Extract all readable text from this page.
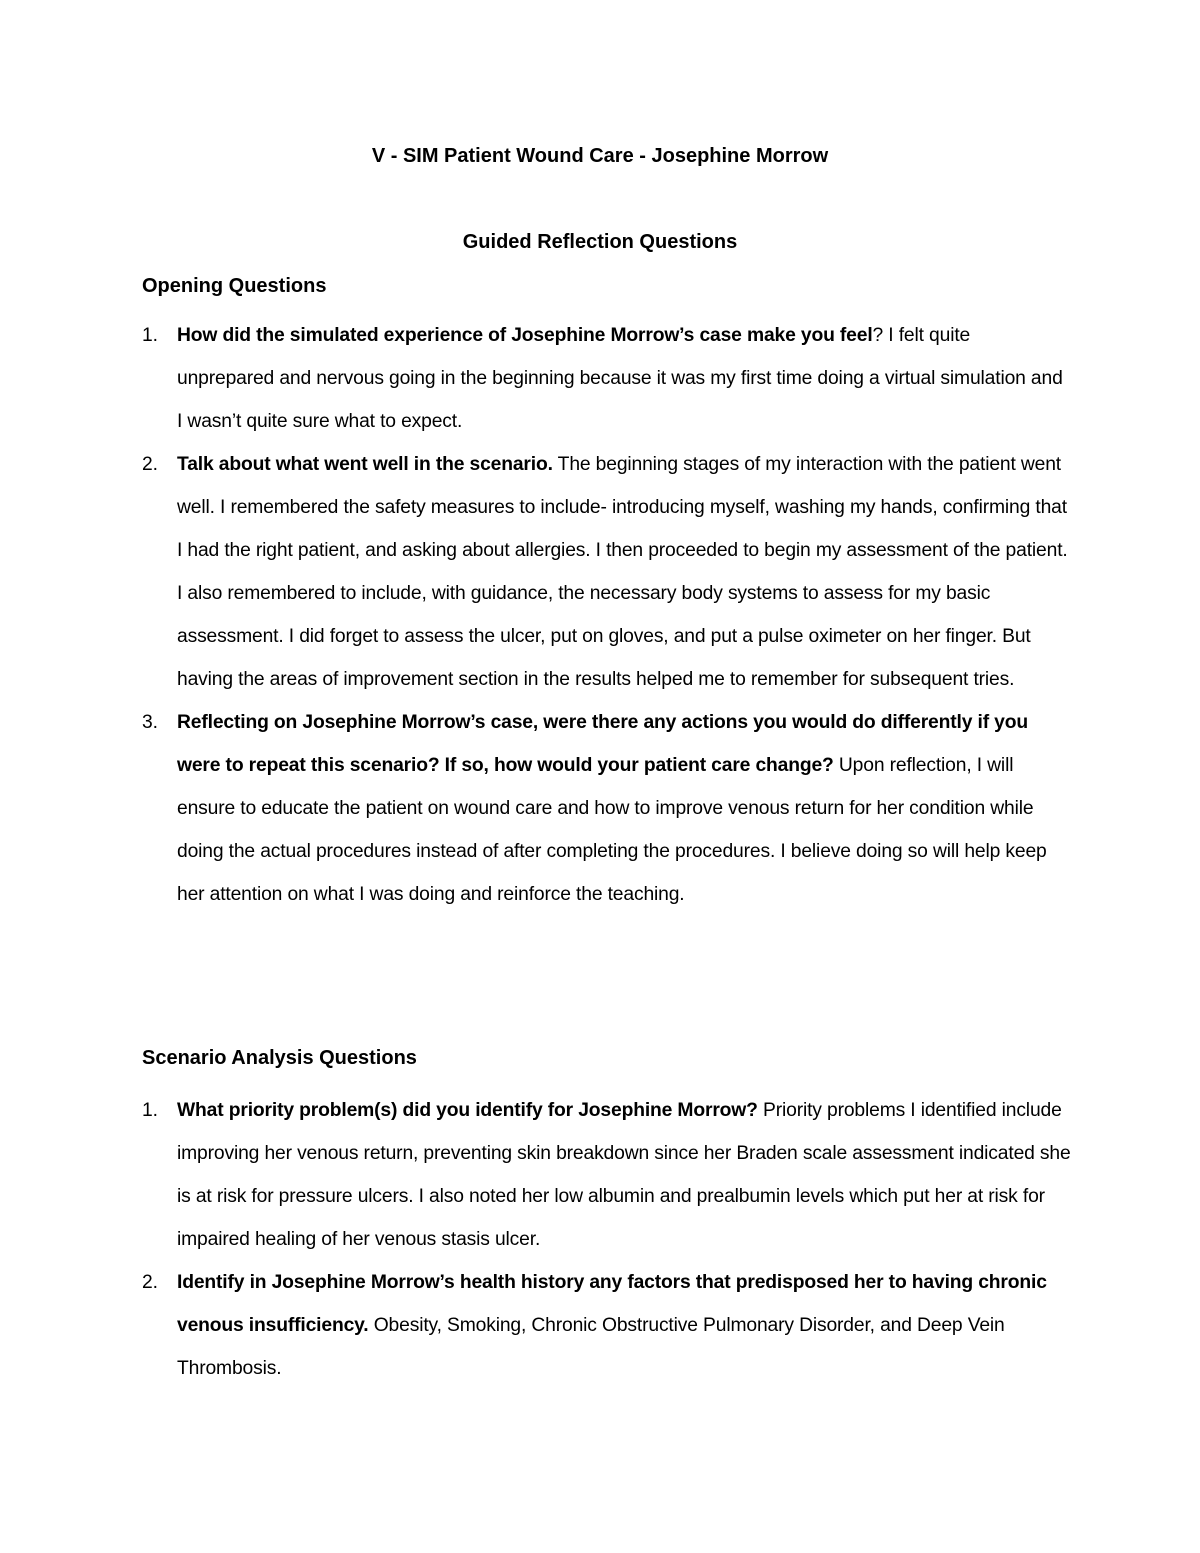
V - SIM Patient Wound Care - Josephine Morrow
Guided Reflection Questions
Opening Questions
1. How did the simulated experience of Josephine Morrow’s case make you feel? I felt quite unprepared and nervous going in the beginning because it was my first time doing a virtual simulation and I wasn’t quite sure what to expect.
2. Talk about what went well in the scenario. The beginning stages of my interaction with the patient went well. I remembered the safety measures to include- introducing myself, washing my hands, confirming that I had the right patient, and asking about allergies. I then proceeded to begin my assessment of the patient. I also remembered to include, with guidance, the necessary body systems to assess for my basic assessment. I did forget to assess the ulcer, put on gloves, and put a pulse oximeter on her finger. But having the areas of improvement section in the results helped me to remember for subsequent tries.
3. Reflecting on Josephine Morrow’s case, were there any actions you would do differently if you were to repeat this scenario? If so, how would your patient care change? Upon reflection, I will ensure to educate the patient on wound care and how to improve venous return for her condition while doing the actual procedures instead of after completing the procedures. I believe doing so will help keep her attention on what I was doing and reinforce the teaching.
Scenario Analysis Questions
1. What priority problem(s) did you identify for Josephine Morrow? Priority problems I identified include improving her venous return, preventing skin breakdown since her Braden scale assessment indicated she is at risk for pressure ulcers. I also noted her low albumin and prealbumin levels which put her at risk for impaired healing of her venous stasis ulcer.
2. Identify in Josephine Morrow’s health history any factors that predisposed her to having chronic venous insufficiency. Obesity, Smoking, Chronic Obstructive Pulmonary Disorder, and Deep Vein Thrombosis.
